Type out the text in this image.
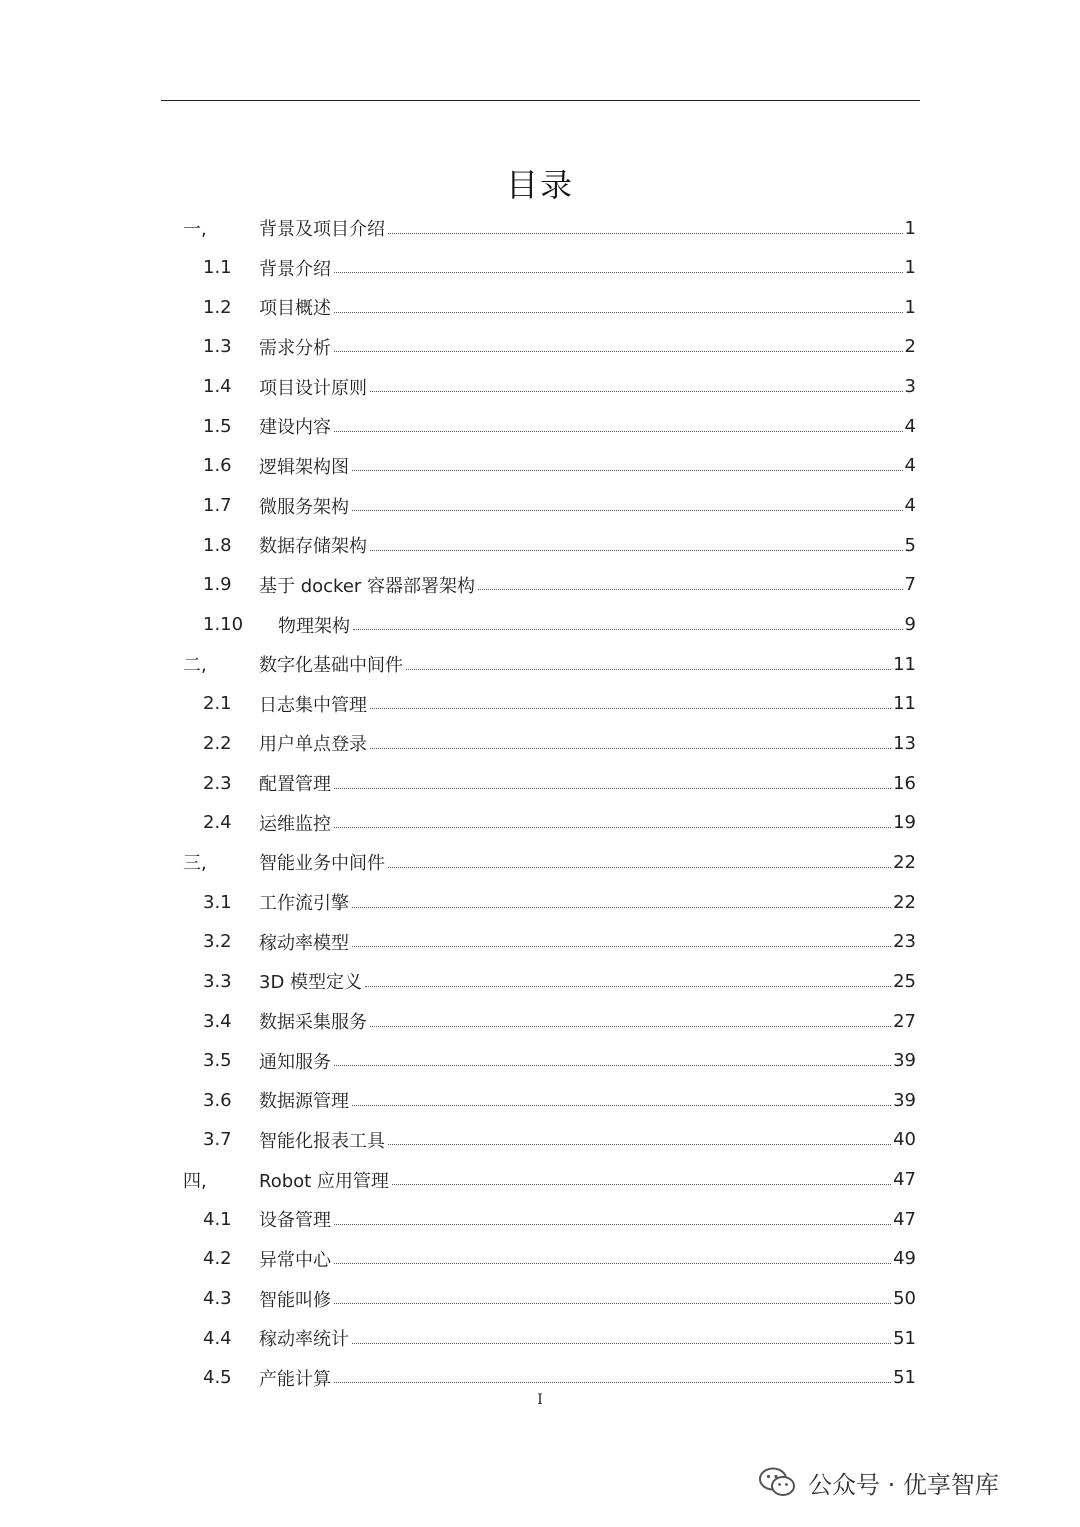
目录
一,	背景及项目介绍	1
1.1 背景介绍	1
1.2 项目概述	1
1.3 需求分析	2
1.4 项目设计原则	3
1.5 建设内容	4
1.6 逻辑架构图	4
1.7 微服务架构	4
1.8 数据存储架构	5
1.9 基于 docker 容器部署架构	7
1.10 物理架构	9
二,	数字化基础中间件	11
2.1 日志集中管理	11
2.2 用户单点登录	13
2.3 配置管理	16
2.4 运维监控	19
三,	智能业务中间件	22
3.1 工作流引擎	22
3.2 稼动率模型	23
3.3 3D 模型定义	25
3.4 数据采集服务	27
3.5 通知服务	39
3.6 数据源管理	39
3.7 智能化报表工具	40
四,	Robot 应用管理	47
4.1 设备管理	47
4.2 异常中心	49
4.3 智能叫修	50
4.4 稼动率统计	51
4.5 产能计算	51
I
公众号 · 优享智库
